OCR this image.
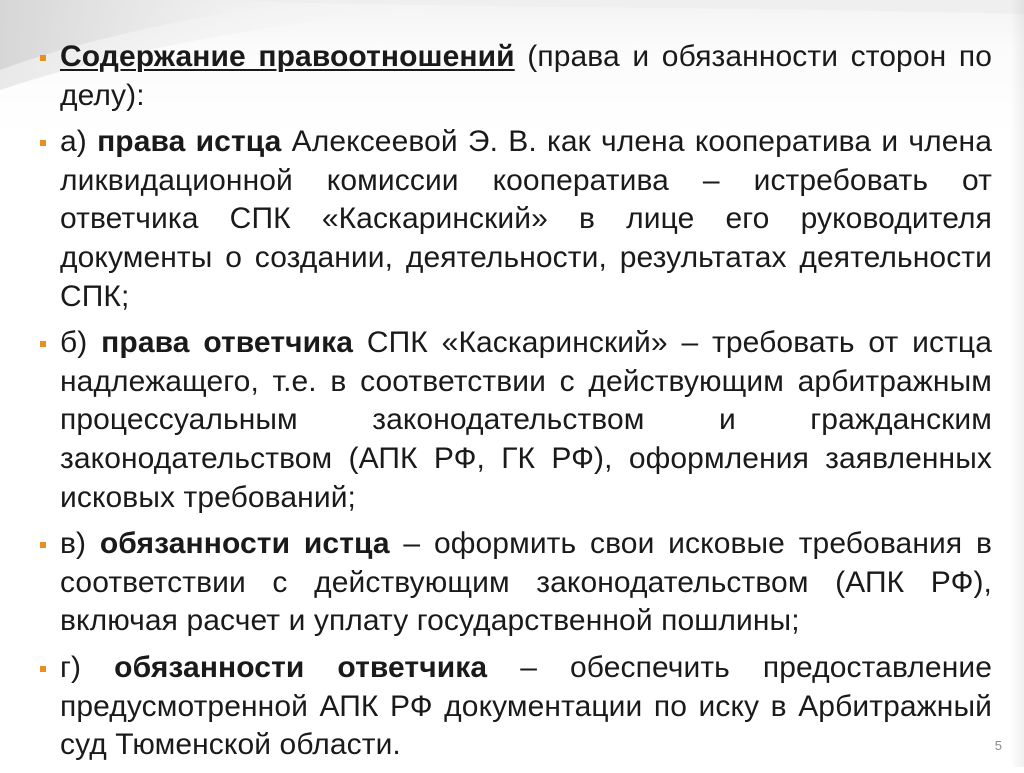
Содержание правоотношений (права и обязанности сторон по делу):
а) права истца Алексеевой Э. В. как члена кооператива и члена ликвидационной комиссии кооператива – истребовать от ответчика СПК «Каскаринский» в лице его руководителя документы о создании, деятельности, результатах деятельности СПК;
б) права ответчика СПК «Каскаринский» – требовать от истца надлежащего, т.е. в соответствии с действующим арбитражным процессуальным законодательством и гражданским законодательством (АПК РФ, ГК РФ), оформления заявленных исковых требований;
в) обязанности истца – оформить свои исковые требования в соответствии с действующим законодательством (АПК РФ), включая расчет и уплату государственной пошлины;
г) обязанности ответчика – обеспечить предоставление предусмотренной АПК РФ документации по иску в Арбитражный суд Тюменской области.	5
